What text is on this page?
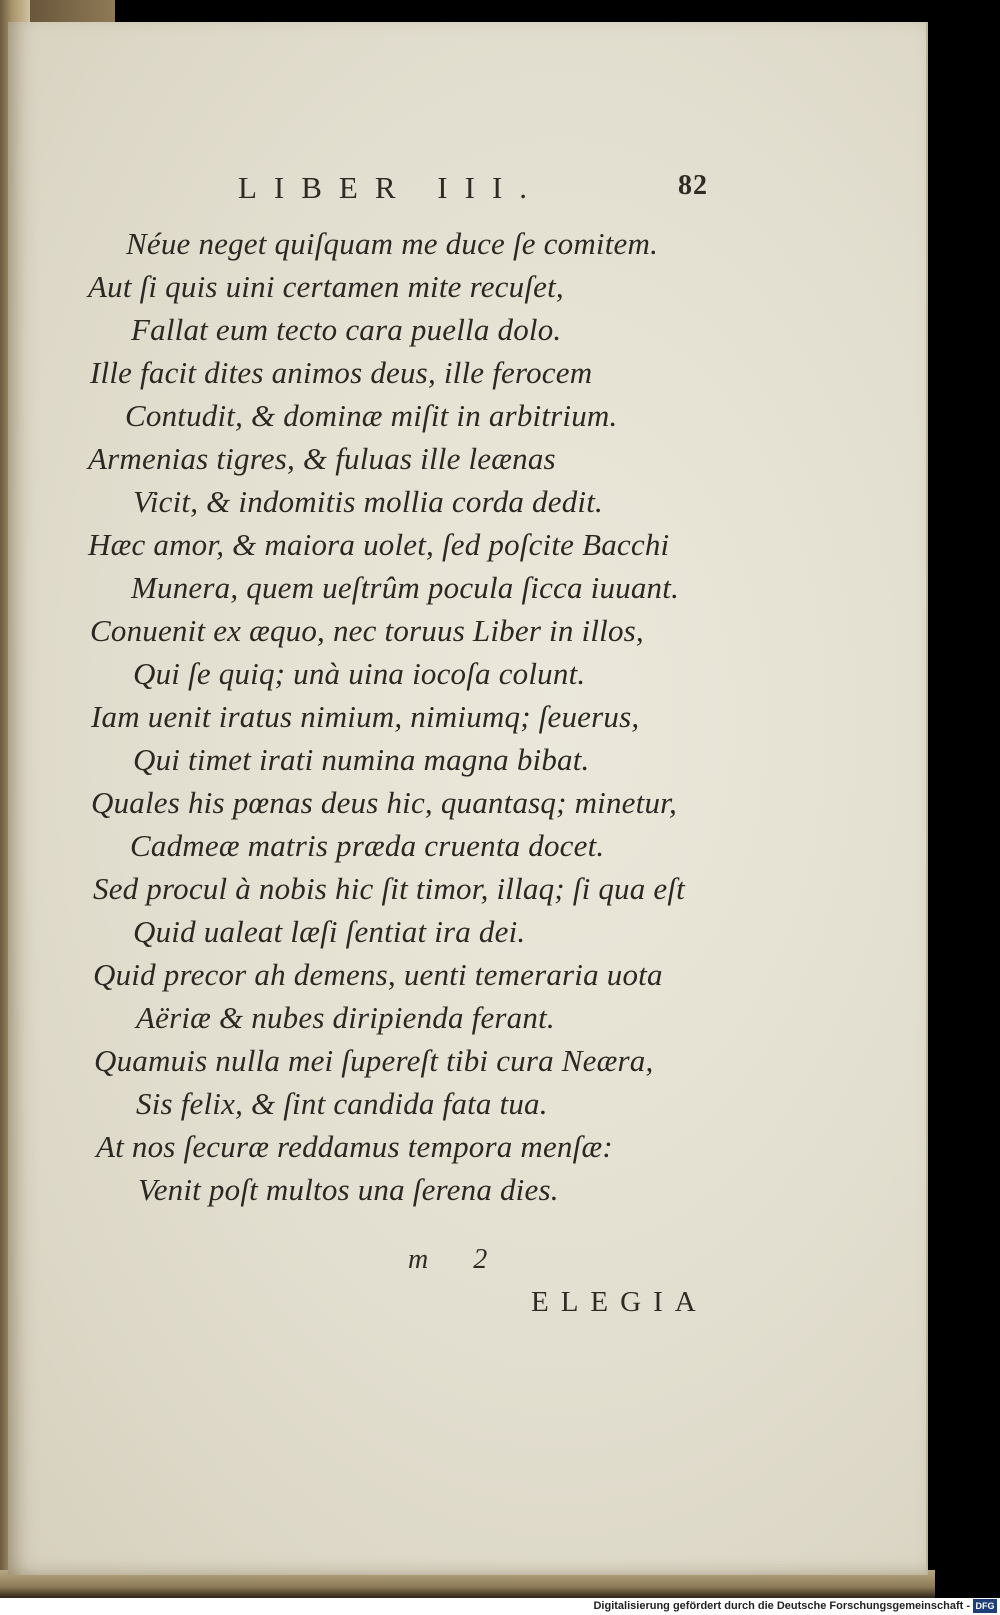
LIBER III.	82
Néue neget quiſquam me duce ſe comitem.
Aut ſi quis uini certamen mite recuſet,
Fallat eum tecto cara puella dolo.
Ille facit dites animos deus, ille ferocem
Contudit, & dominæ miſit in arbitrium.
Armenias tigres, & fuluas ille leænas
Vicit, & indomitis mollia corda dedit.
Hæc amor, & maiora uolet, ſed poſcite Bacchi
Munera, quem ueſtrûm pocula ſicca iuuant.
Conuenit ex æquo, nec toruus Liber in illos,
Qui ſe quiq; unà uina iocoſa colunt.
Iam uenit iratus nimium, nimiumq; ſeuerus,
Qui timet irati numina magna bibat.
Quales his pœnas deus hic, quantasq; minetur,
Cadmeæ matris præda cruenta docet.
Sed procul à nobis hic ſit timor, illaq; ſi qua eſt
Quid ualeat læſi ſentiat ira dei.
Quid precor ah demens, uenti temeraria uota
Aëriæ & nubes diripienda ferant.
Quamuis nulla mei ſupereſt tibi cura Neæra,
Sis felix, & ſint candida fata tua.
At nos ſecuræ reddamus tempora menſæ:
Venit poſt multos una ſerena dies.
m 2
ELEGIA
Digitalisierung gefördert durch die Deutsche Forschungsgemeinschaft - DFG
